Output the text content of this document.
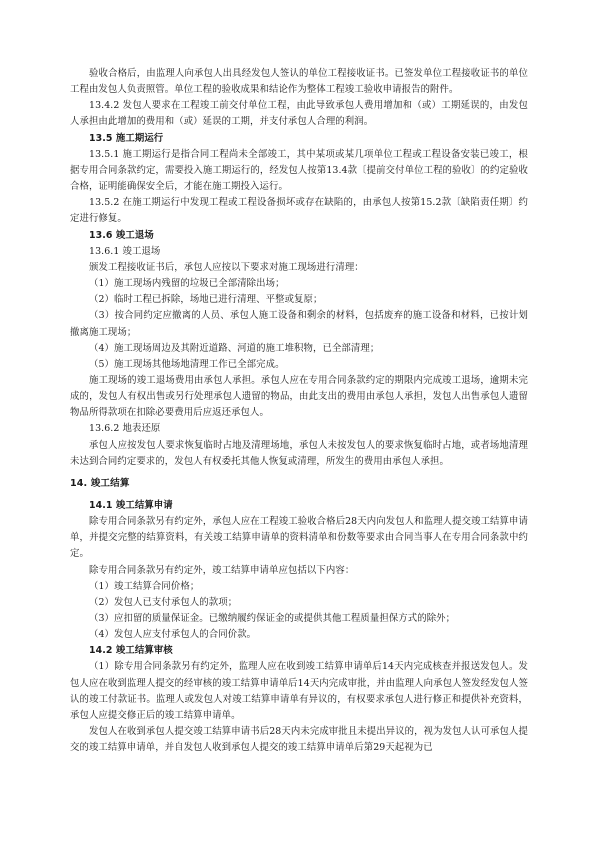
验收合格后，由监理人向承包人出具经发包人签认的单位工程接收证书。已签发单位工程接收证书的单位工程由发包人负责照管。单位工程的验收成果和结论作为整体工程竣工验收申请报告的附件。

13.4.2 发包人要求在工程竣工前交付单位工程，由此导致承包人费用增加和（或）工期延误的，由发包人承担由此增加的费用和（或）延误的工期，并支付承包人合理的利润。

13.5 施工期运行

13.5.1 施工期运行是指合同工程尚未全部竣工，其中某项或某几项单位工程或工程设备安装已竣工，根据专用合同条款约定，需要投入施工期运行的，经发包人按第13.4款〔提前交付单位工程的验收〕的约定验收合格，证明能确保安全后，才能在施工期投入运行。

13.5.2 在施工期运行中发现工程或工程设备损坏或存在缺陷的，由承包人按第15.2款〔缺陷责任期〕约定进行修复。

13.6 竣工退场

13.6.1 竣工退场

颁发工程接收证书后，承包人应按以下要求对施工现场进行清理：

（1）施工现场内残留的垃圾已全部清除出场；

（2）临时工程已拆除，场地已进行清理、平整或复原；

（3）按合同约定应撤离的人员、承包人施工设备和剩余的材料，包括废弃的施工设备和材料，已按计划撤离施工现场；

（4）施工现场周边及其附近道路、河道的施工堆积物，已全部清理；

（5）施工现场其他场地清理工作已全部完成。

施工现场的竣工退场费用由承包人承担。承包人应在专用合同条款约定的期限内完成竣工退场，逾期未完成的，发包人有权出售或另行处理承包人遗留的物品，由此支出的费用由承包人承担，发包人出售承包人遗留物品所得款项在扣除必要费用后应返还承包人。

13.6.2 地表还原

承包人应按发包人要求恢复临时占地及清理场地，承包人未按发包人的要求恢复临时占地，或者场地清理未达到合同约定要求的，发包人有权委托其他人恢复或清理，所发生的费用由承包人承担。

14. 竣工结算

14.1 竣工结算申请

除专用合同条款另有约定外，承包人应在工程竣工验收合格后28天内向发包人和监理人提交竣工结算申请单，并提交完整的结算资料，有关竣工结算申请单的资料清单和份数等要求由合同当事人在专用合同条款中约定。

除专用合同条款另有约定外，竣工结算申请单应包括以下内容：

（1）竣工结算合同价格；

（2）发包人已支付承包人的款项；

（3）应扣留的质量保证金。已缴纳履约保证金的或提供其他工程质量担保方式的除外；

（4）发包人应支付承包人的合同价款。

14.2 竣工结算审核

（1）除专用合同条款另有约定外，监理人应在收到竣工结算申请单后14天内完成核查并报送发包人。发包人应在收到监理人提交的经审核的竣工结算申请单后14天内完成审批，并由监理人向承包人签发经发包人签认的竣工付款证书。监理人或发包人对竣工结算申请单有异议的，有权要求承包人进行修正和提供补充资料，承包人应提交修正后的竣工结算申请单。

发包人在收到承包人提交竣工结算申请书后28天内未完成审批且未提出异议的，视为发包人认可承包人提交的竣工结算申请单，并自发包人收到承包人提交的竣工结算申请单后第29天起视为已
